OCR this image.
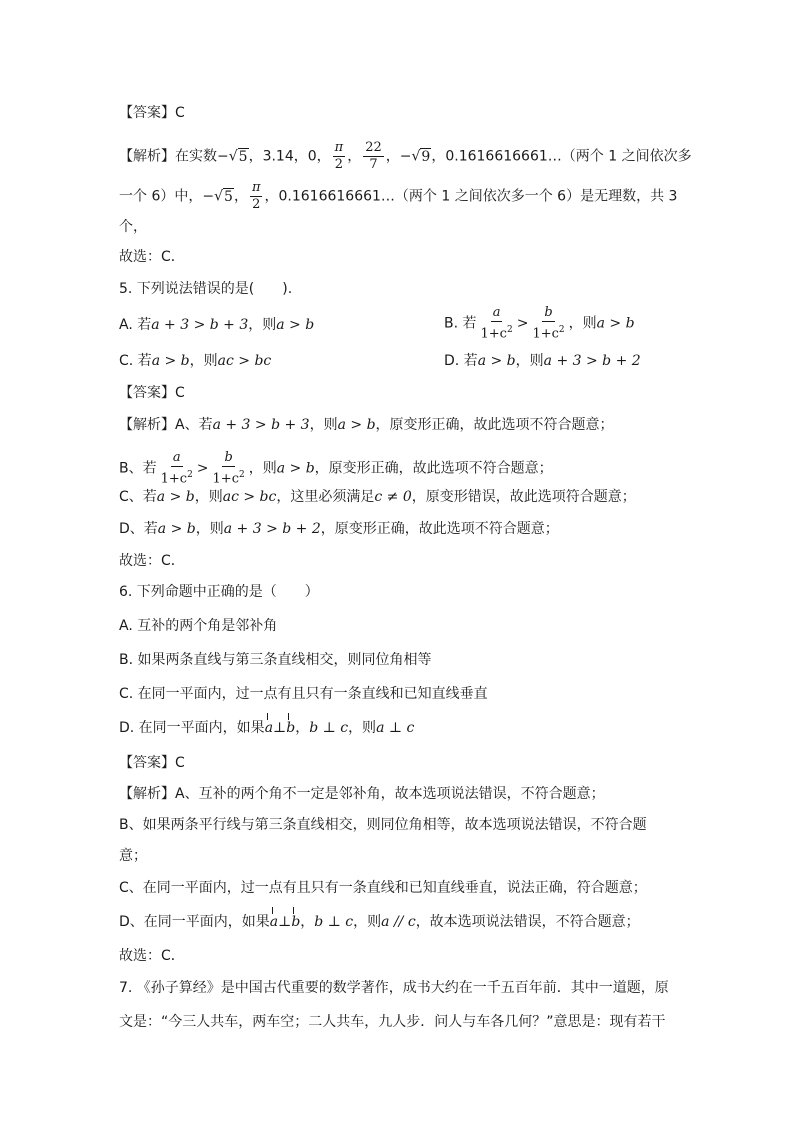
【答案】C
【解析】在实数−√5，3.14，0， $\frac{\pi}{2}$ ， $\frac{22}{7}$ ，−√9，0.1616616661…（两个 1 之间依次多
一个 6）中，−√5， $\frac{\pi}{2}$ ，0.1616616661…（两个 1 之间依次多一个 6）是无理数，共 3
个，
故选：C．
5. 下列说法错误的是(　　).
A. 若a + 3 > b + 3，则a > b	B. 若 $\frac{a}{1+c^2} > \frac{b}{1+c^2}$ ，则a > b
C. 若a > b，则ac > bc	D. 若a > b，则a + 3 > b + 2
【答案】C
【解析】A、若a + 3 > b + 3，则a > b，原变形正确，故此选项不符合题意；
B、若 $\frac{a}{1+c^2} > \frac{b}{1+c^2}$ ，则a > b，原变形正确，故此选项不符合题意；
C、若a > b，则ac > bc，这里必须满足c ≠ 0，原变形错误，故此选项符合题意；
D、若a > b，则a + 3 > b + 2，原变形正确，故此选项不符合题意；
故选：C．
6. 下列命题中正确的是（　　）
A. 互补的两个角是邻补角
B. 如果两条直线与第三条直线相交，则同位角相等
C. 在同一平面内，过一点有且只有一条直线和已知直线垂直
D. 在同一平面内，如果a⊥b，b ⊥ c，则a ⊥ c
【答案】C
【解析】A、互补的两个角不一定是邻补角，故本选项说法错误，不符合题意；
B、如果两条平行线与第三条直线相交，则同位角相等，故本选项说法错误，不符合题
意；
C、在同一平面内，过一点有且只有一条直线和已知直线垂直，说法正确，符合题意；
D、在同一平面内，如果a⊥b，b ⊥ c，则a // c，故本选项说法错误，不符合题意；
故选：C．
7. 《孙子算经》是中国古代重要的数学著作，成书大约在一千五百年前．其中一道题，原
文是：“今三人共车，两车空；二人共车，九人步．问人与车各几何？”意思是：现有若干
